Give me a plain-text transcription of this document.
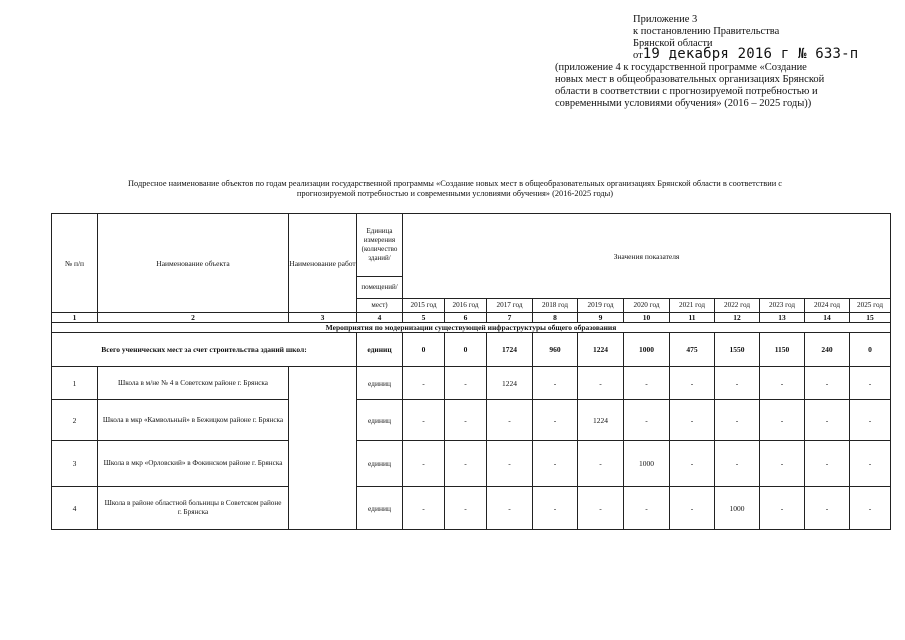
Приложение 3
к постановлению Правительства
Брянской области
от19 декабря 2016 г № 633-п
(приложение 4 к государственной программе «Создание
новых мест в общеобразовательных организациях Брянской
области в соответствии с прогнозируемой потребностью и
современными условиями обучения» (2016 – 2025 годы))
Подресное наименование объектов по годам реализации государственной программы «Создание новых мест в общеобразовательных организациях Брянской области в соответствии с
прогнозируемой потребностью и современными условиями обучения» (2016-2025 годы)
№ п/п	Наименование объекта	Наименование работ	Единица измерения (количество зданий/	Значения показателя										
			помещений/											
			мест)	2015 год	2016 год	2017 год	2018 год	2019 год	2020 год	2021 год	2022 год	2023 год	2024 год	2025 год
1	2	3	4	5	6	7	8	9	10	11	12	13	14	15
Мероприятия по модернизации существующей инфраструктуры общего образования														
Всего ученических мест за счет строительства зданий школ:			единиц	0	0	1724	960	1224	1000	475	1550	1150	240	0
1	Школа в м/не № 4 в Советском районе г. Брянска		единиц	-	-	1224	-	-	-	-	-	-	-	-
2	Школа в мкр «Камвольный» в Бежицком районе г. Брянска		единиц	-	-	-	-	1224	-	-	-	-	-	-
3	Школа в мкр «Орловский» в Фокинском районе г. Брянска		единиц	-	-	-	-	-	1000	-	-	-	-	-
4	Школа в районе областной больницы в Советском районе г. Брянска		единиц	-	-	-	-	-	-	-	1000	-	-	-
